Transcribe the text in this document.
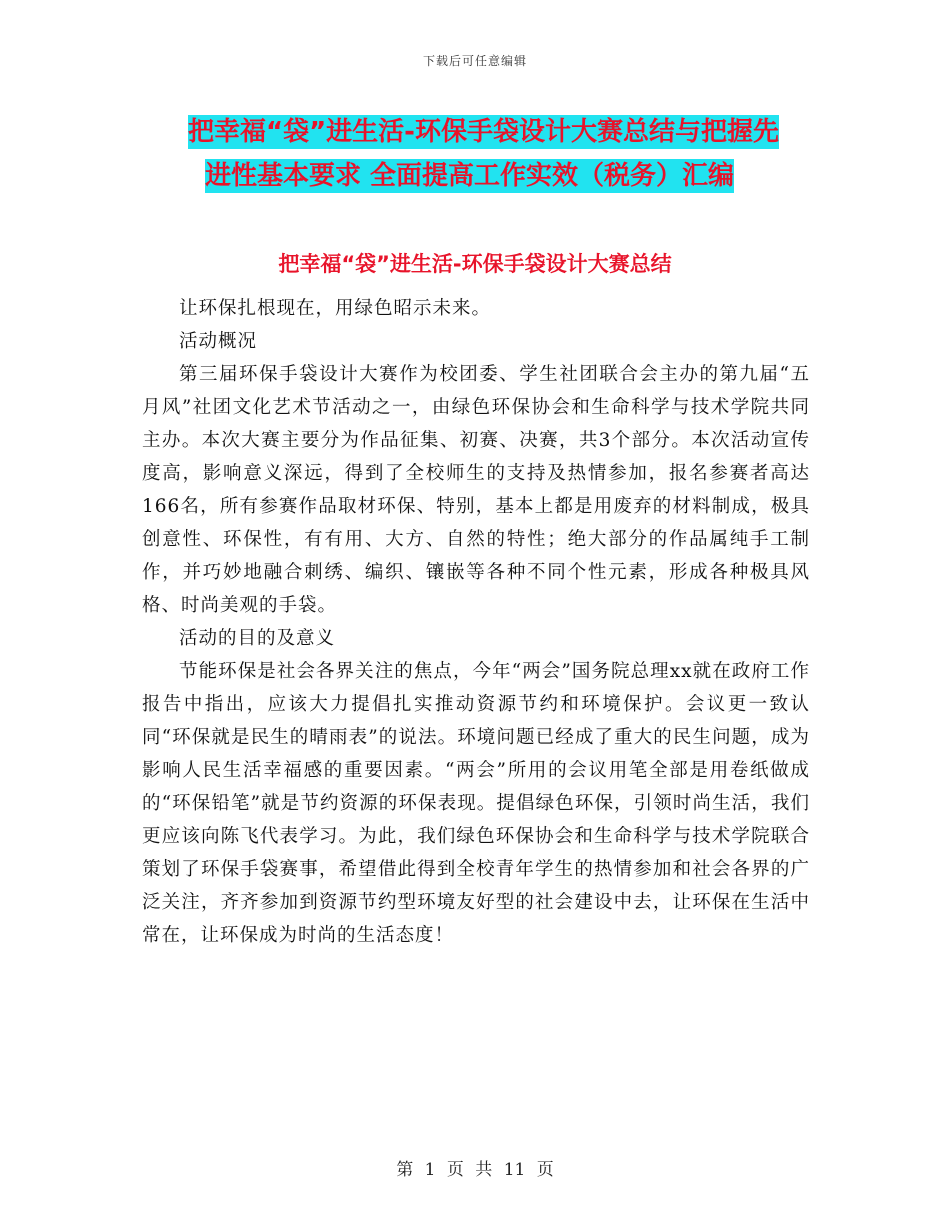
下载后可任意编辑
把幸福“袋”进生活-环保手袋设计大赛总结与把握先
进性基本要求 全面提高工作实效（税务）汇编
把幸福“袋”进生活-环保手袋设计大赛总结

让环保扎根现在，用绿色昭示未来。

活动概况

第三届环保手袋设计大赛作为校团委、学生社团联合会主办的第九届“五月风”社团文化艺术节活动之一，由绿色环保协会和生命科学与技术学院共同主办。本次大赛主要分为作品征集、初赛、决赛，共3个部分。本次活动宣传度高，影响意义深远，得到了全校师生的支持及热情参加，报名参赛者高达166名，所有参赛作品取材环保、特别，基本上都是用废弃的材料制成，极具创意性、环保性，有有用、大方、自然的特性；绝大部分的作品属纯手工制作，并巧妙地融合刺绣、编织、镶嵌等各种不同个性元素，形成各种极具风格、时尚美观的手袋。

活动的目的及意义

节能环保是社会各界关注的焦点，今年“两会”国务院总理xx就在政府工作报告中指出，应该大力提倡扎实推动资源节约和环境保护。会议更一致认同“环保就是民生的晴雨表”的说法。环境问题已经成了重大的民生问题，成为影响人民生活幸福感的重要因素。“两会”所用的会议用笔全部是用卷纸做成的“环保铅笔”就是节约资源的环保表现。提倡绿色环保，引领时尚生活，我们更应该向陈飞代表学习。为此，我们绿色环保协会和生命科学与技术学院联合策划了环保手袋赛事，希望借此得到全校青年学生的热情参加和社会各界的广泛关注，齐齐参加到资源节约型环境友好型的社会建设中去，让环保在生活中常在，让环保成为时尚的生活态度！

第 1 页 共 11 页
